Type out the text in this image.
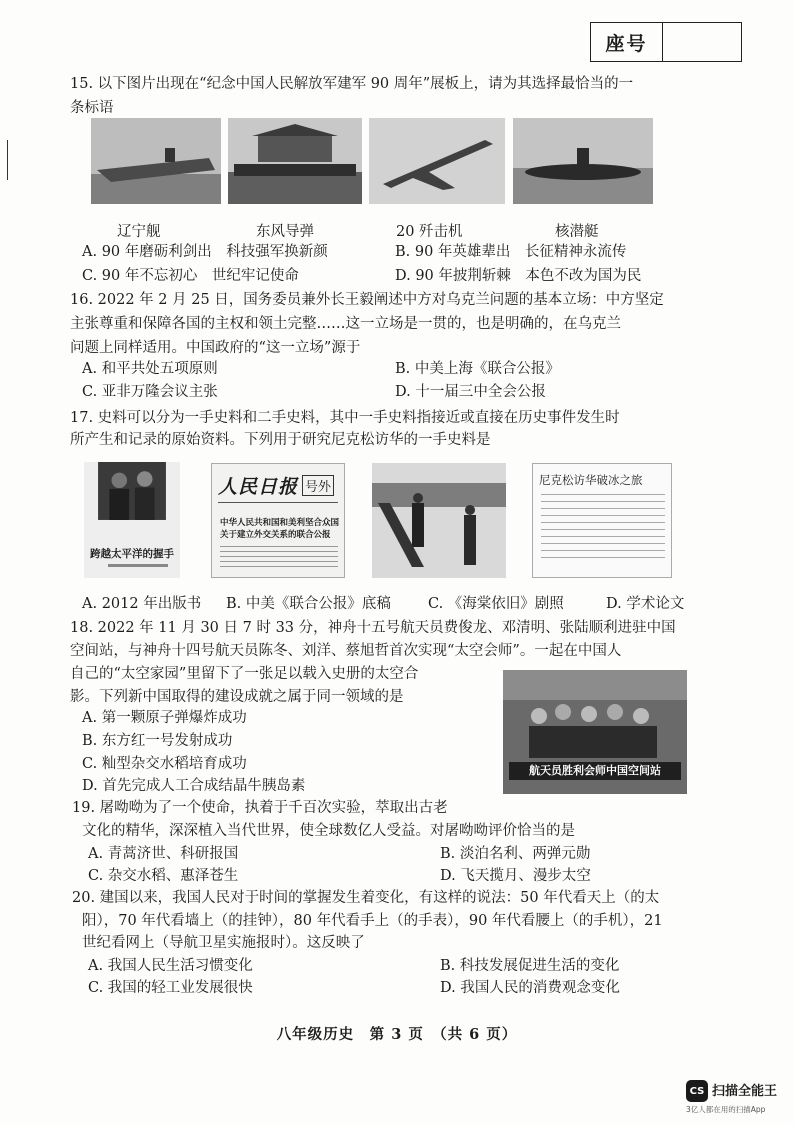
座号
15. 以下图片出现在“纪念中国人民解放军建军 90 周年”展板上，请为其选择最恰当的一
条标语
辽宁舰	东风导弹	20 歼击机	核潜艇
A. 90 年磨砺利剑出　科技强军换新颜	B. 90 年英雄辈出　长征精神永流传
C. 90 年不忘初心　世纪牢记使命	D. 90 年披荆斩棘　本色不改为国为民
16. 2022 年 2 月 25 日，国务委员兼外长王毅阐述中方对乌克兰问题的基本立场：中方坚定
主张尊重和保障各国的主权和领土完整……这一立场是一贯的，也是明确的，在乌克兰
问题上同样适用。中国政府的“这一立场”源于
A. 和平共处五项原则	B. 中美上海《联合公报》
C. 亚非万隆会议主张	D. 十一届三中全会公报
17. 史料可以分为一手史料和二手史料，其中一手史料指接近或直接在历史事件发生时
所产生和记录的原始资料。下列用于研究尼克松访华的一手史料是
跨越太平洋的握手
人民日报 号外
中华人民共和国和美利坚合众国
关于建立外交关系的联合公报
尼克松访华破冰之旅
A. 2012 年出版书 B. 中美《联合公报》底稿	C. 《海棠依旧》剧照	D. 学术论文
18. 2022 年 11 月 30 日 7 时 33 分，神舟十五号航天员费俊龙、邓清明、张陆顺利进驻中国
空间站，与神舟十四号航天员陈冬、刘洋、蔡旭哲首次实现“太空会师”。一起在中国人
自己的“太空家园”里留下了一张足以载入史册的太空合
影。下列新中国取得的建设成就之属于同一领域的是
航天员胜利会师中国空间站
A. 第一颗原子弹爆炸成功
B. 东方红一号发射成功
C. 籼型杂交水稻培育成功
D. 首先完成人工合成结晶牛胰岛素
19. 屠呦呦为了一个使命，执着于千百次实验，萃取出古老
文化的精华，深深植入当代世界，使全球数亿人受益。对屠呦呦评价恰当的是
A. 青蒿济世、科研报国	B. 淡泊名利、两弹元勋
C. 杂交水稻、惠泽苍生	D. 飞天揽月、漫步太空
20. 建国以来，我国人民对于时间的掌握发生着变化，有这样的说法：50 年代看天上（的太
阳），70 年代看墙上（的挂钟），80 年代看手上（的手表），90 年代看腰上（的手机），21
世纪看网上（导航卫星实施报时）。这反映了
A. 我国人民生活习惯变化	B. 科技发展促进生活的变化
C. 我国的轻工业发展很快	D. 我国人民的消费观念变化
八年级历史　第 3 页　（共 6 页）
CS 扫描全能王
3亿人都在用的扫描App
